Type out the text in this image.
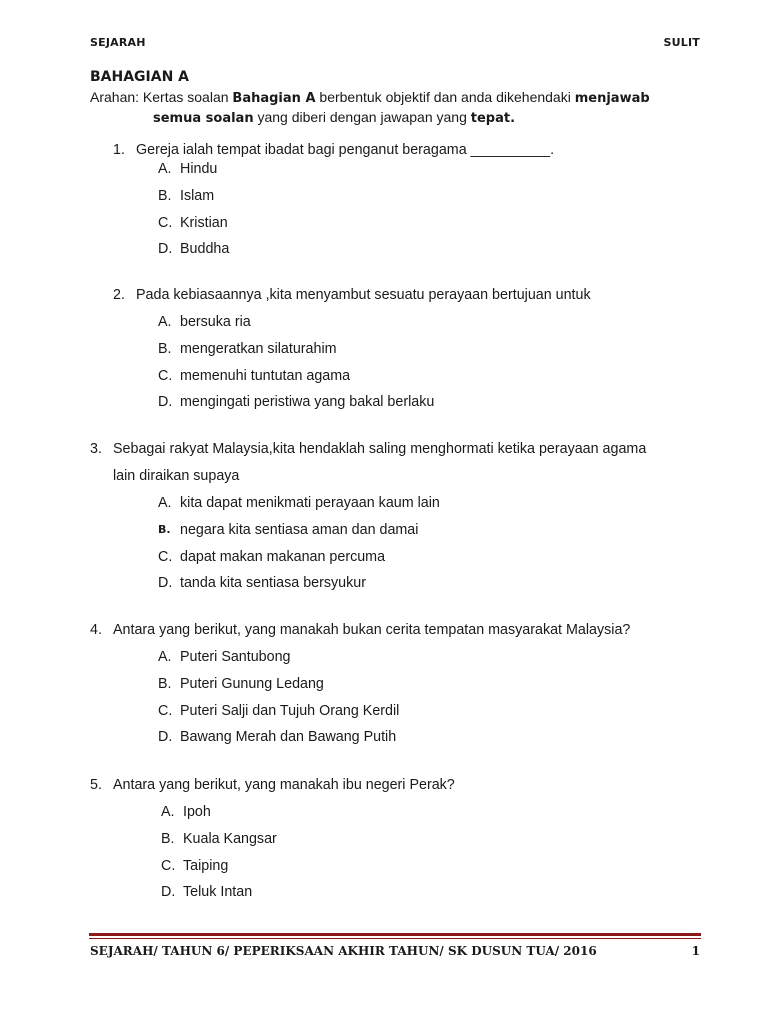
SEJARAH	SULIT
BAHAGIAN A
Arahan: Kertas soalan Bahagian A berbentuk objektif dan anda dikehendaki menjawab
semua soalan yang diberi dengan jawapan yang tepat.
1. Gereja ialah tempat ibadat bagi penganut beragama __________.
A. Hindu
B. Islam
C. Kristian
D. Buddha
2. Pada kebiasaannya ,kita menyambut sesuatu perayaan bertujuan untuk
A. bersuka ria
B. mengeratkan silaturahim
C. memenuhi tuntutan agama
D. mengingati peristiwa yang bakal berlaku
3. Sebagai rakyat Malaysia,kita hendaklah saling menghormati ketika perayaan agama
lain diraikan supaya
A. kita dapat menikmati perayaan kaum lain
B. negara kita sentiasa aman dan damai
C. dapat makan makanan percuma
D. tanda kita sentiasa bersyukur
4. Antara yang berikut, yang manakah bukan cerita tempatan masyarakat Malaysia?
A. Puteri Santubong
B. Puteri Gunung Ledang
C. Puteri Salji dan Tujuh Orang Kerdil
D. Bawang Merah dan Bawang Putih
5. Antara yang berikut, yang manakah ibu negeri Perak?
A. Ipoh
B. Kuala Kangsar
C. Taiping
D. Teluk Intan
SEJARAH/ TAHUN 6/ PEPERIKSAAN AKHIR TAHUN/ SK DUSUN TUA/ 2016	1
